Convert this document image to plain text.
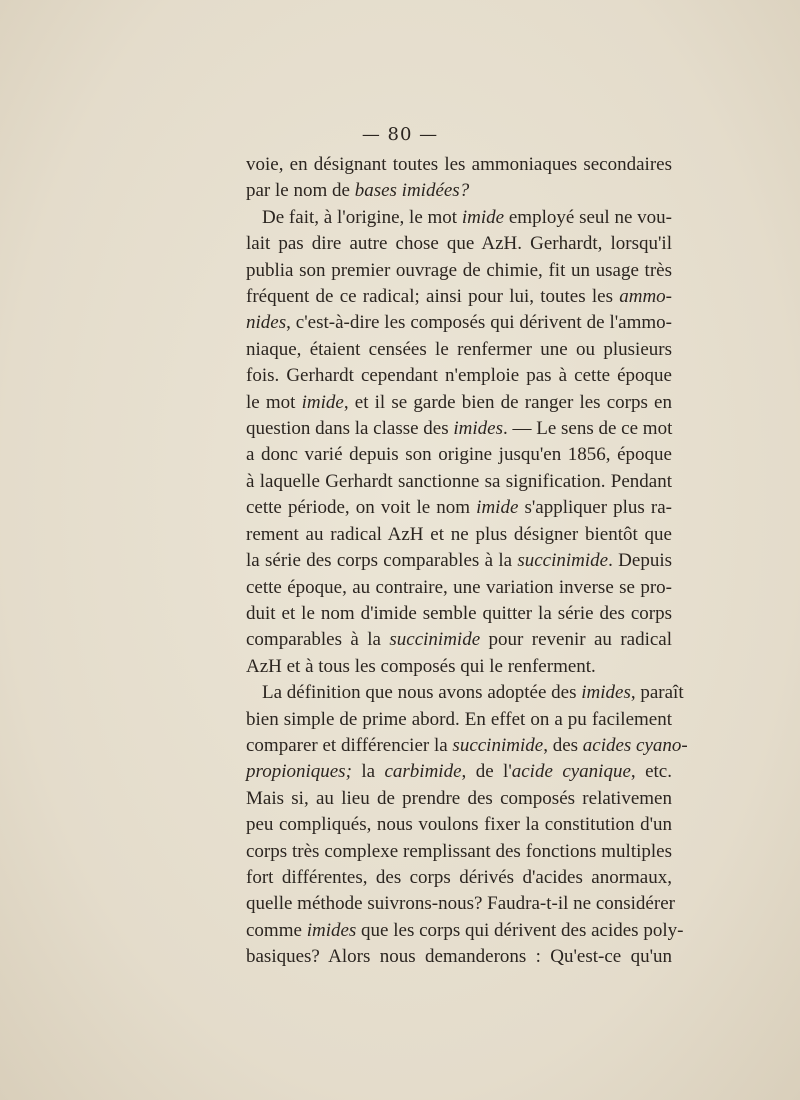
— 80 —
voie, en désignant toutes les ammoniaques secondaires
par le nom de bases imidées?
De fait, à l'origine, le mot imide employé seul ne vou-
lait pas dire autre chose que AzH. Gerhardt, lorsqu'il
publia son premier ouvrage de chimie, fit un usage très
fréquent de ce radical; ainsi pour lui, toutes les ammo-
nides, c'est-à-dire les composés qui dérivent de l'ammo-
niaque, étaient censées le renfermer une ou plusieurs
fois. Gerhardt cependant n'emploie pas à cette époque
le mot imide, et il se garde bien de ranger les corps en
question dans la classe des imides. — Le sens de ce mot
a donc varié depuis son origine jusqu'en 1856, époque
à laquelle Gerhardt sanctionne sa signification. Pendant
cette période, on voit le nom imide s'appliquer plus ra-
rement au radical AzH et ne plus désigner bientôt que
la série des corps comparables à la succinimide. Depuis
cette époque, au contraire, une variation inverse se pro-
duit et le nom d'imide semble quitter la série des corps
comparables à la succinimide pour revenir au radical
AzH et à tous les composés qui le renferment.
La définition que nous avons adoptée des imides, paraît
bien simple de prime abord. En effet on a pu facilement
comparer et différencier la succinimide, des acides cyano-
propioniques; la carbimide, de l'acide cyanique, etc.
Mais si, au lieu de prendre des composés relativemen
peu compliqués, nous voulons fixer la constitution d'un
corps très complexe remplissant des fonctions multiples
fort différentes, des corps dérivés d'acides anormaux,
quelle méthode suivrons-nous? Faudra-t-il ne considérer
comme imides que les corps qui dérivent des acides poly-
basiques? Alors nous demanderons : Qu'est-ce qu'un
